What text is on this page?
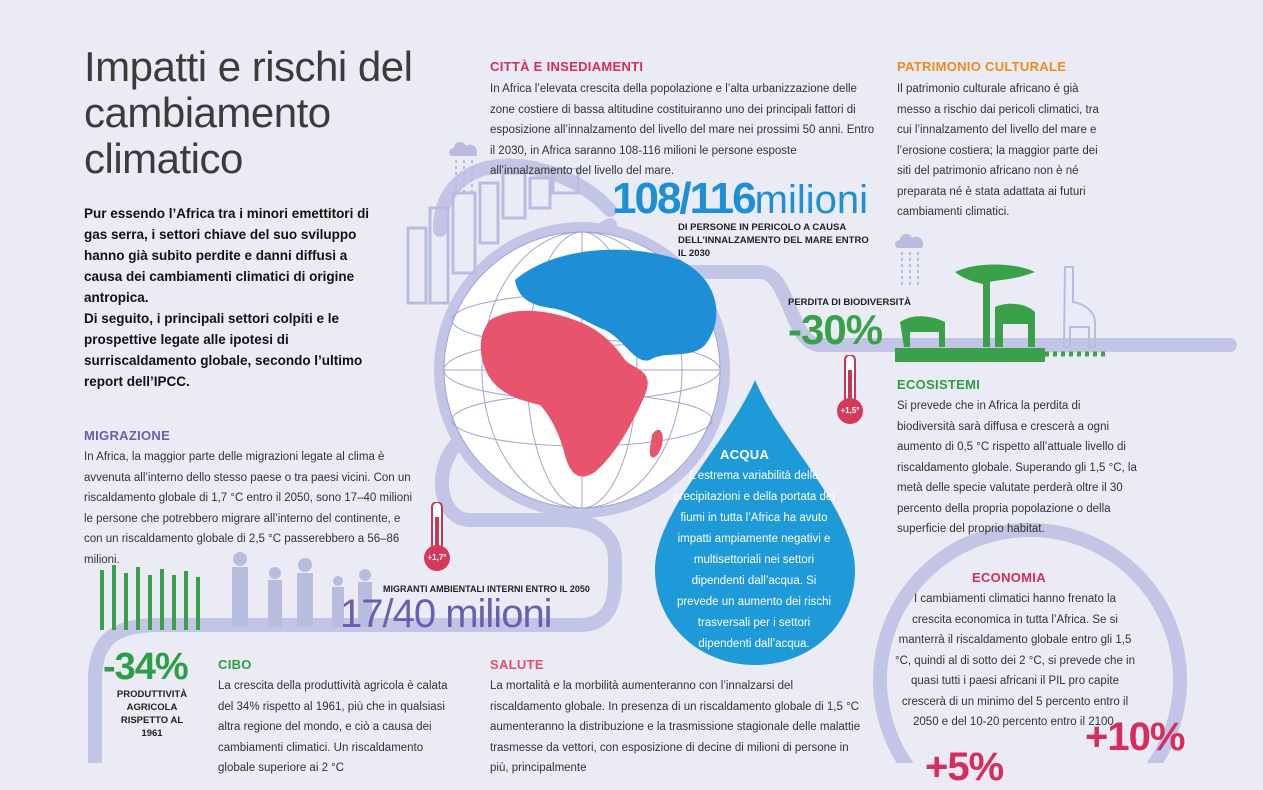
+1,7°
+1,5°
Impatti e rischi del cambiamento climatico
Pur essendo l’Africa tra i minori emettitori di gas serra, i settori chiave del suo sviluppo hanno già subito perdite e danni diffusi a causa dei cambiamenti climatici di origine antropica.
Di seguito, i principali settori colpiti e le prospettive legate alle ipotesi di surriscaldamento globale, secondo l’ultimo report dell’IPCC.
MIGRAZIONE
In Africa, la maggior parte delle migrazioni legate al clima è avvenuta all’interno dello stesso paese o tra paesi vicini. Con un riscaldamento globale di 1,7 °C entro il 2050, sono 17–40 milioni le persone che potrebbero migrare all’interno del continente, e con un riscaldamento globale di 2,5 °C passerebbero a 56–86 milioni.
MIGRANTI AMBIENTALI INTERNI ENTRO IL 2050
17/40 milioni
CITTÀ E INSEDIAMENTI
In Africa l’elevata crescita della popolazione e l’alta urbanizzazione delle zone costiere di bassa altitudine costituiranno uno dei principali fattori di esposizione all’innalzamento del livello del mare nei prossimi 50 anni. Entro il 2030, in Africa saranno 108-116 milioni le persone esposte all’innalzamento del livello del mare.
108/116milioni
DI PERSONE IN PERICOLO A CAUSA DELL’INNALZAMENTO DEL MARE ENTRO IL 2030
PATRIMONIO CULTURALE
Il patrimonio culturale africano è già messo a rischio dai pericoli climatici, tra cui l’innalzamento del livello del mare e l’erosione costiera; la maggior parte dei siti del patrimonio africano non è né preparata né è stata adattata ai futuri cambiamenti climatici.
PERDITA DI BIODIVERSITÀ
-30%
ECOSISTEMI
Si prevede che in Africa la perdita di biodiversità sarà diffusa e crescerà a ogni aumento di 0,5 °C rispetto all’attuale livello di riscaldamento globale. Superando gli 1,5 °C, la metà delle specie valutate perderà oltre il 30 percento della propria popolazione o della superficie del proprio habitat.
ACQUA
L’estrema variabilità delle precipitazioni e della portata dei fiumi in tutta l’Africa ha avuto impatti ampiamente negativi e multisettoriali nei settori dipendenti dall’acqua. Si prevede un aumento dei rischi trasversali per i settori dipendenti dall’acqua.
ECONOMIA
I cambiamenti climatici hanno frenato la crescita economica in tutta l’Africa. Se si manterrà il riscaldamento globale entro gli 1,5 °C, quindi al di sotto dei 2 °C, si prevede che in quasi tutti i paesi africani il PIL pro capite crescerà di un minimo del 5 percento entro il 2050 e del 10-20 percento entro il 2100.
+10%
+5%
-34%
PRODUTTIVITÀ AGRICOLA RISPETTO AL 1961
CIBO
La crescita della produttività agricola è calata del 34% rispetto al 1961, più che in qualsiasi altra regione del mondo, e ciò a causa dei cambiamenti climatici. Un riscaldamento globale superiore ai 2 °C
SALUTE
La mortalità e la morbilità aumenteranno con l’innalzarsi del riscaldamento globale. In presenza di un riscaldamento globale di 1,5 °C aumenteranno la distribuzione e la trasmissione stagionale delle malattie trasmesse da vettori, con esposizione di decine di milioni di persone in più, principalmente
